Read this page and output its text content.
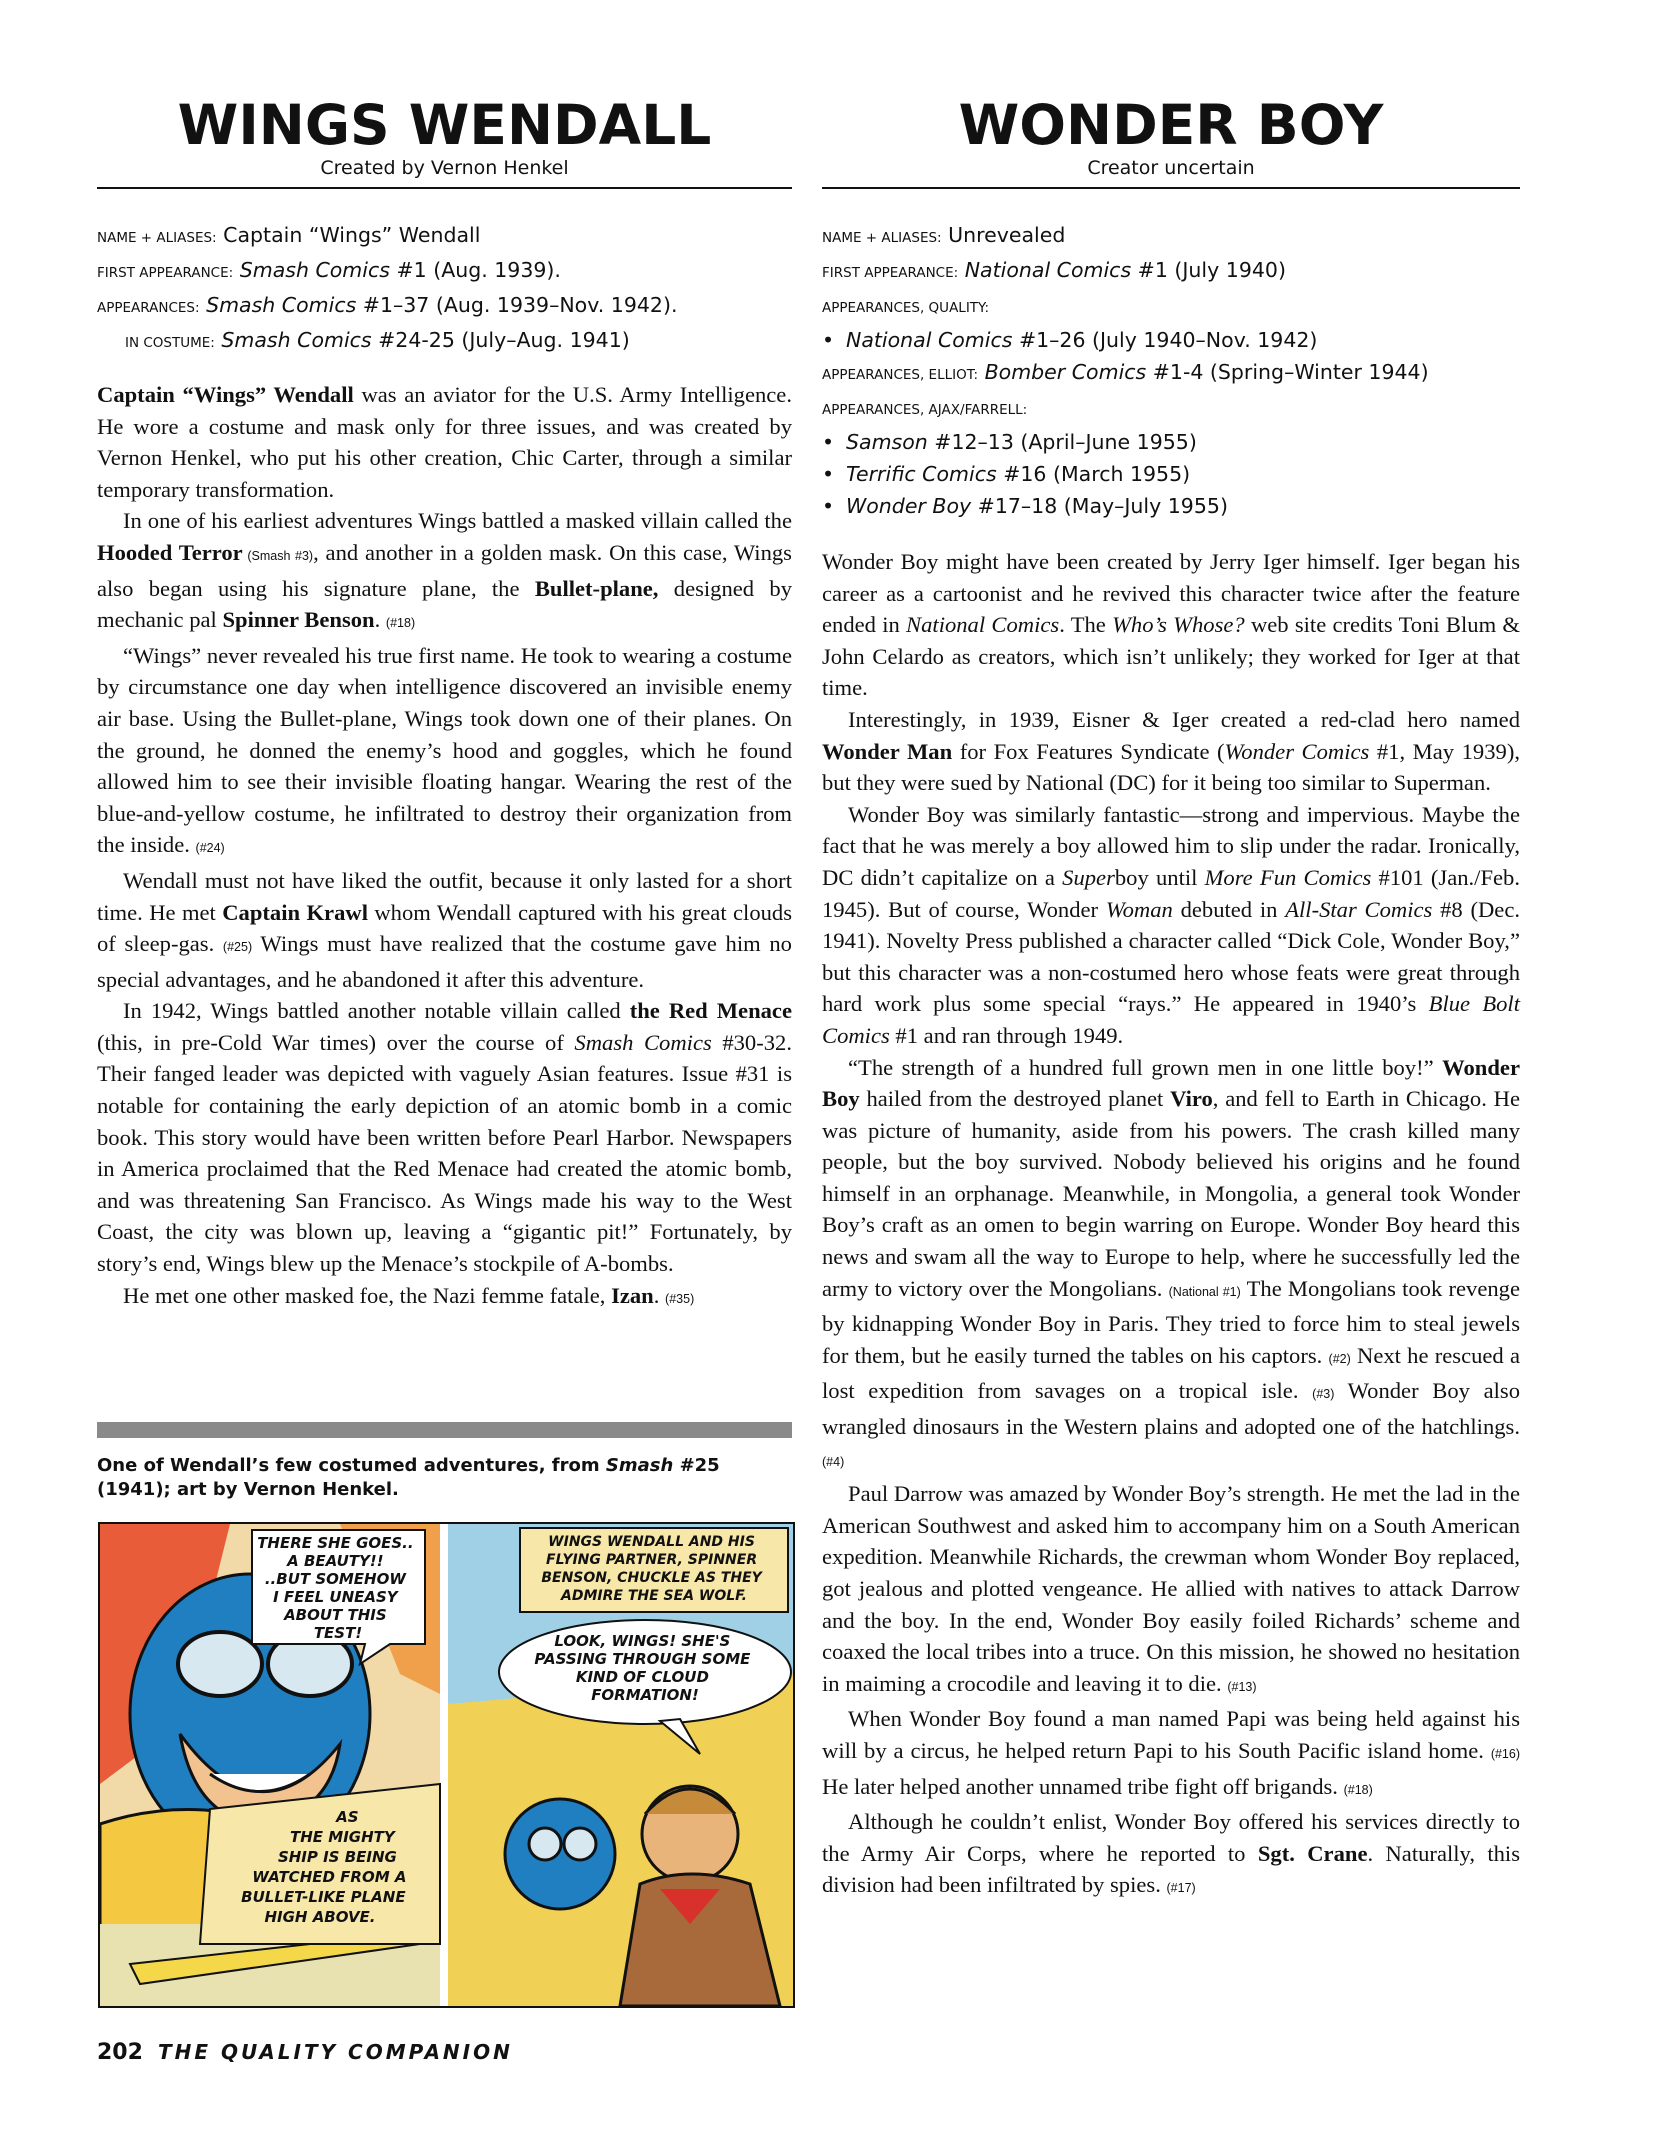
WINGS WENDALL
Created by Vernon Henkel
NAME + ALIASES: Captain “Wings” Wendall
FIRST APPEARANCE: Smash Comics #1 (Aug. 1939).
APPEARANCES: Smash Comics #1–37 (Aug. 1939–Nov. 1942).
IN COSTUME: Smash Comics #24-25 (July–Aug. 1941)

Captain “Wings” Wendall was an aviator for the U.S. Army Intelligence. He wore a costume and mask only for three issues, and was created by Vernon Henkel, who put his other creation, Chic Carter, through a similar temporary transformation.

In one of his earliest adventures Wings battled a masked villain called the Hooded Terror (Smash #3), and another in a golden mask. On this case, Wings also began using his signature plane, the Bullet-plane, designed by mechanic pal Spinner Benson. (#18)

“Wings” never revealed his true first name. He took to wearing a costume by circumstance one day when intelligence discovered an invisible enemy air base. Using the Bullet-plane, Wings took down one of their planes. On the ground, he donned the enemy’s hood and goggles, which he found allowed him to see their invisible floating hangar. Wearing the rest of the blue-and-yellow costume, he infiltrated to destroy their organization from the inside. (#24)

Wendall must not have liked the outfit, because it only lasted for a short time. He met Captain Krawl whom Wendall captured with his great clouds of sleep-gas. (#25) Wings must have realized that the costume gave him no special advantages, and he abandoned it after this adventure.

In 1942, Wings battled another notable villain called the Red Menace (this, in pre-Cold War times) over the course of Smash Comics #30-32. Their fanged leader was depicted with vaguely Asian features. Issue #31 is notable for containing the early depiction of an atomic bomb in a comic book. This story would have been written before Pearl Harbor. Newspapers in America proclaimed that the Red Menace had created the atomic bomb, and was threatening San Francisco. As Wings made his way to the West Coast, the city was blown up, leaving a “gigantic pit!” Fortunately, by story’s end, Wings blew up the Menace’s stockpile of A-bombs.

He met one other masked foe, the Nazi femme fatale, Izan. (#35)

One of Wendall’s few costumed adventures, from Smash #25 (1941); art by Vernon Henkel.
THERE SHE GOES.. A BEAUTY!! ..BUT SOMEHOW I FEEL UNEASY ABOUT THIS TEST!
WINGS WENDALL AND HIS FLYING PARTNER, SPINNER BENSON, CHUCKLE AS THEY ADMIRE THE SEA WOLF.
LOOK, WINGS! SHE'S PASSING THROUGH SOME KIND OF CLOUD FORMATION!
AS THE MIGHTY SHIP IS BEING WATCHED FROM A BULLET-LIKE PLANE HIGH ABOVE.
WONDER BOY
Creator uncertain
NAME + ALIASES: Unrevealed
FIRST APPEARANCE: National Comics #1 (July 1940)
APPEARANCES, QUALITY:
• National Comics #1–26 (July 1940–Nov. 1942)
APPEARANCES, ELLIOT: Bomber Comics #1-4 (Spring–Winter 1944)
APPEARANCES, AJAX/FARRELL:
• Samson #12–13 (April–June 1955)
• Terrific Comics #16 (March 1955)
• Wonder Boy #17–18 (May–July 1955)

Wonder Boy might have been created by Jerry Iger himself. Iger began his career as a cartoonist and he revived this character twice after the feature ended in National Comics. The Who’s Whose? web site credits Toni Blum & John Celardo as creators, which isn’t unlikely; they worked for Iger at that time.

Interestingly, in 1939, Eisner & Iger created a red-clad hero named Wonder Man for Fox Features Syndicate (Wonder Comics #1, May 1939), but they were sued by National (DC) for it being too similar to Superman.

Wonder Boy was similarly fantastic—strong and impervious. Maybe the fact that he was merely a boy allowed him to slip under the radar. Ironically, DC didn’t capitalize on a Superboy until More Fun Comics #101 (Jan./Feb. 1945). But of course, Wonder Woman debuted in All-Star Comics #8 (Dec. 1941). Novelty Press published a character called “Dick Cole, Wonder Boy,” but this character was a non-costumed hero whose feats were great through hard work plus some special “rays.” He appeared in 1940’s Blue Bolt Comics #1 and ran through 1949.

“The strength of a hundred full grown men in one little boy!” Wonder Boy hailed from the destroyed planet Viro, and fell to Earth in Chicago. He was picture of humanity, aside from his powers. The crash killed many people, but the boy survived. Nobody believed his origins and he found himself in an orphanage. Meanwhile, in Mongolia, a general took Wonder Boy’s craft as an omen to begin warring on Europe. Wonder Boy heard this news and swam all the way to Europe to help, where he successfully led the army to victory over the Mongolians. (National #1) The Mongolians took revenge by kidnapping Wonder Boy in Paris. They tried to force him to steal jewels for them, but he easily turned the tables on his captors. (#2) Next he rescued a lost expedition from savages on a tropical isle. (#3) Wonder Boy also wrangled dinosaurs in the Western plains and adopted one of the hatchlings. (#4)

Paul Darrow was amazed by Wonder Boy’s strength. He met the lad in the American Southwest and asked him to accompany him on a South American expedition. Meanwhile Richards, the crewman whom Wonder Boy replaced, got jealous and plotted vengeance. He allied with natives to attack Darrow and the boy. In the end, Wonder Boy easily foiled Richards’ scheme and coaxed the local tribes into a truce. On this mission, he showed no hesitation in maiming a crocodile and leaving it to die. (#13)

When Wonder Boy found a man named Papi was being held against his will by a circus, he helped return Papi to his South Pacific island home. (#16) He later helped another unnamed tribe fight off brigands. (#18)

Although he couldn’t enlist, Wonder Boy offered his services directly to the Army Air Corps, where he reported to Sgt. Crane. Naturally, this division had been infiltrated by spies. (#17)

202 THE QUALITY COMPANION
